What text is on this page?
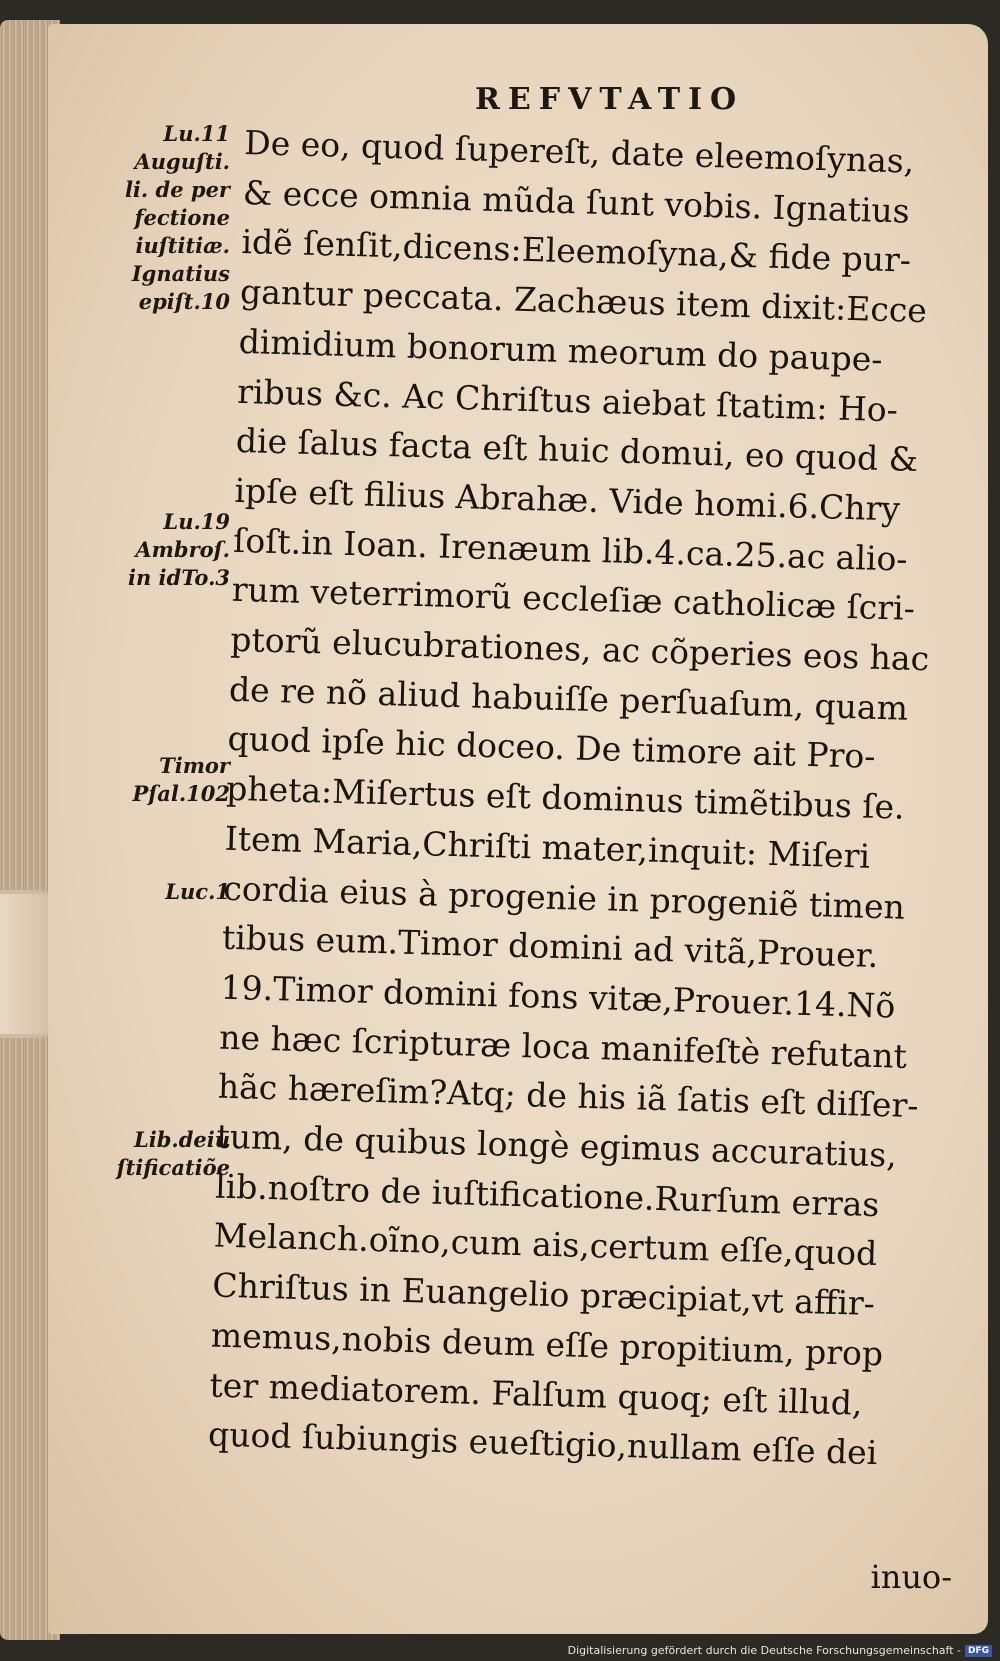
REFVTATIO
Lu.11
Auguſti.
li. de per
fectione
iuſtitiæ.
Ignatius
epiſt.10
Lu.19
Ambroſ.
in idTo.3
Timor
Pſal.102
Luc.1
Lib.deiu
ſtificatiõe
De eo, quod ſupereſt, date eleemoſynas,
& ecce omnia mũda ſunt vobis. Ignatius
idẽ ſenſit,dicens:Eleemoſyna,& fide pur-
gantur peccata. Zachæus item dixit:Ecce
dimidium bonorum meorum do paupe-
ribus &c. Ac Chriſtus aiebat ſtatim: Ho-
die ſalus facta eſt huic domui, eo quod &
ipſe eſt filius Abrahæ. Vide homi.6.Chry
ſoſt.in Ioan. Irenæum lib.4.ca.25.ac alio-
rum veterrimorũ eccleſiæ catholicæ ſcri-
ptorũ elucubrationes, ac cõperies eos hac
de re nõ aliud habuiſſe perſuaſum, quam
quod ipſe hic doceo. De timore ait Pro-
pheta:Miſertus eſt dominus timẽtibus ſe.
Item Maria,Chriſti mater,inquit: Miſeri
cordia eius à progenie in progeniẽ timen
tibus eum.Timor domini ad vitã,Prouer.
19.Timor domini fons vitæ,Prouer.14.Nõ
ne hæc ſcripturæ loca manifeſtè refutant
hãc hæreſim?Atq; de his iã ſatis eſt diſſer-
tum, de quibus longè egimus accuratius,
lib.noſtro de iuſtificatione.Rurſum erras
Melanch.oĩno,cum ais,certum eſſe,quod
Chriſtus in Euangelio præcipiat,vt affir-
memus,nobis deum eſſe propitium, prop
ter mediatorem. Falſum quoq; eſt illud,
quod ſubiungis eueſtigio,nullam eſſe dei
inuo-
Digitalisierung gefördert durch die Deutsche Forschungsgemeinschaft - DFG
